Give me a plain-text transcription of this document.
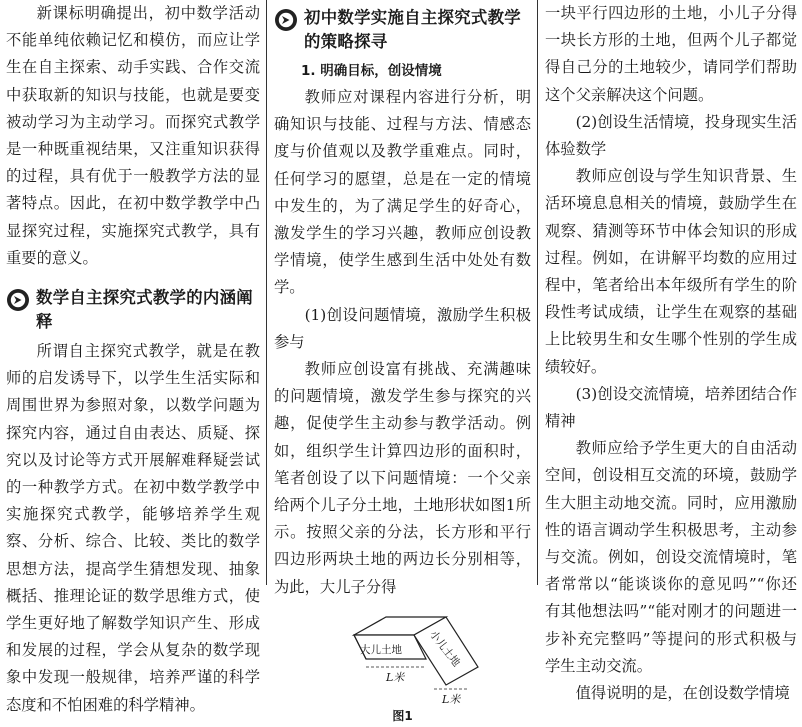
新课标明确提出，初中数学活动不能单纯依赖记忆和模仿，而应让学生在自主探索、动手实践、合作交流中获取新的知识与技能，也就是要变被动学习为主动学习。而探究式教学是一种既重视结果，又注重知识获得的过程，具有优于一般教学方法的显著特点。因此，在初中数学教学中凸显探究过程，实施探究式教学，具有重要的意义。

数学自主探究式教学的内涵阐释

所谓自主探究式教学，就是在教师的启发诱导下，以学生生活实际和周围世界为参照对象，以数学问题为探究内容，通过自由表达、质疑、探究以及讨论等方式开展解难释疑尝试的一种教学方式。在初中数学教学中实施探究式教学，能够培养学生观察、分析、综合、比较、类比的数学思想方法，提高学生猜想发现、抽象概括、推理论证的数学思维方式，使学生更好地了解数学知识产生、形成和发展的过程，学会从复杂的数学现象中发现一般规律，培养严谨的科学态度和不怕困难的科学精神。

初中数学实施自主探究式教学的策略探寻
1. 明确目标，创设情境

教师应对课程内容进行分析，明确知识与技能、过程与方法、情感态度与价值观以及教学重难点。同时，任何学习的愿望，总是在一定的情境中发生的，为了满足学生的好奇心，激发学生的学习兴趣，教师应创设教学情境，使学生感到生活中处处有数学。

(1)创设问题情境，激励学生积极参与

教师应创设富有挑战、充满趣味的问题情境，激发学生参与探究的兴趣，促使学生主动参与教学活动。例如，组织学生计算四边形的面积时，笔者创设了以下问题情境：一个父亲给两个儿子分土地，土地形状如图1所示。按照父亲的分法，长方形和平行四边形两块土地的两边长分别相等，为此，大儿子分得

大儿土地 小儿土地
L米
L米
图1

一块平行四边形的土地，小儿子分得一块长方形的土地，但两个儿子都觉得自己分的土地较少，请同学们帮助这个父亲解决这个问题。

(2)创设生活情境，投身现实生活体验数学

教师应创设与学生知识背景、生活环境息息相关的情境，鼓励学生在观察、猜测等环节中体会知识的形成过程。例如，在讲解平均数的应用过程中，笔者给出本年级所有学生的阶段性考试成绩，让学生在观察的基础上比较男生和女生哪个性别的学生成绩较好。

(3)创设交流情境，培养团结合作精神

教师应给予学生更大的自由活动空间，创设相互交流的环境，鼓励学生大胆主动地交流。同时，应用激励性的语言调动学生积极思考，主动参与交流。例如，创设交流情境时，笔者常常以“能谈谈你的意见吗”“你还有其他想法吗”“能对刚才的问题进一步补充完整吗”等提问的形式积极与学生主动交流。

值得说明的是，在创设数学情境
